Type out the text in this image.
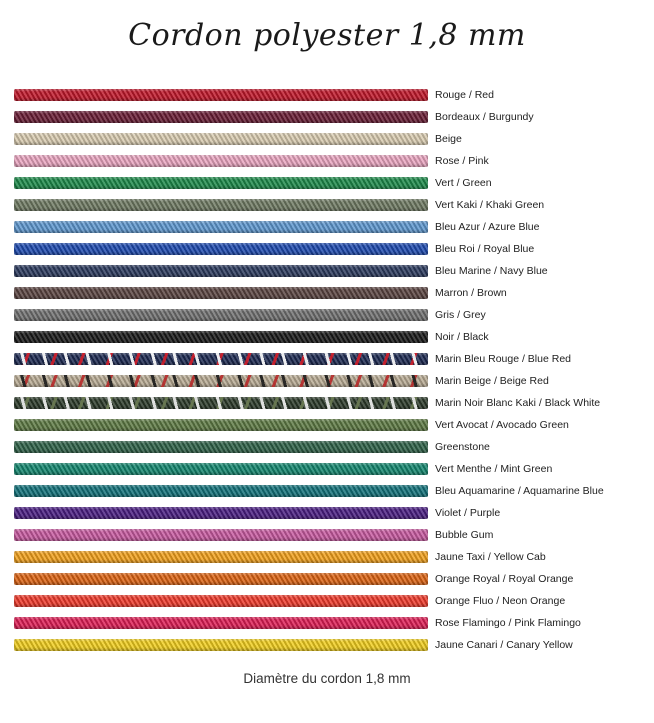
Cordon polyester 1,8 mm
Rouge / Red
Bordeaux / Burgundy
Beige
Rose / Pink
Vert / Green
Vert Kaki / Khaki Green
Bleu Azur / Azure Blue
Bleu Roi / Royal Blue
Bleu Marine / Navy Blue
Marron / Brown
Gris / Grey
Noir / Black
Marin Bleu Rouge / Blue Red
Marin Beige / Beige Red
Marin Noir Blanc Kaki / Black White
Vert Avocat / Avocado Green
Greenstone
Vert Menthe / Mint Green
Bleu Aquamarine / Aquamarine Blue
Violet / Purple
Bubble Gum
Jaune Taxi / Yellow Cab
Orange Royal / Royal Orange
Orange Fluo / Neon Orange
Rose Flamingo / Pink Flamingo
Jaune Canari / Canary Yellow
Diamètre du cordon 1,8 mm
